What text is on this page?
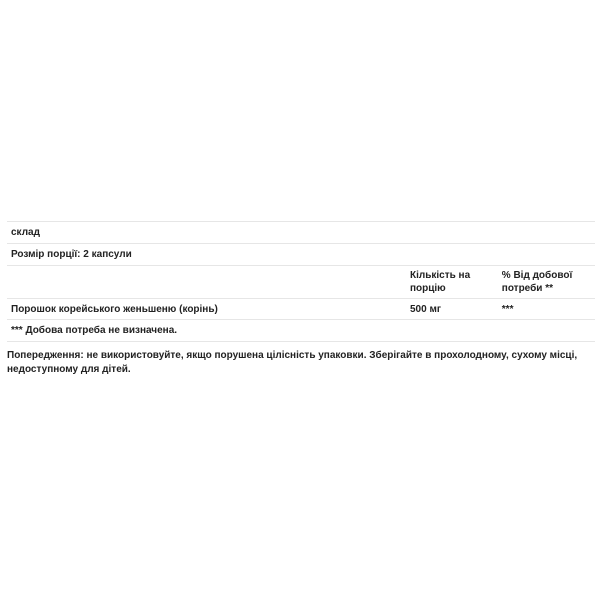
склад		
Розмір порції: 2 капсули		
	Кількість на порцію	% Від добової потреби **
Порошок корейського женьшеню (корінь)	500 мг	***
*** Добова потреба не визначена.		
Попередження: не використовуйте, якщо порушена цілісність упаковки. Зберігайте в прохолодному, сухому місці, недоступному для дітей.
